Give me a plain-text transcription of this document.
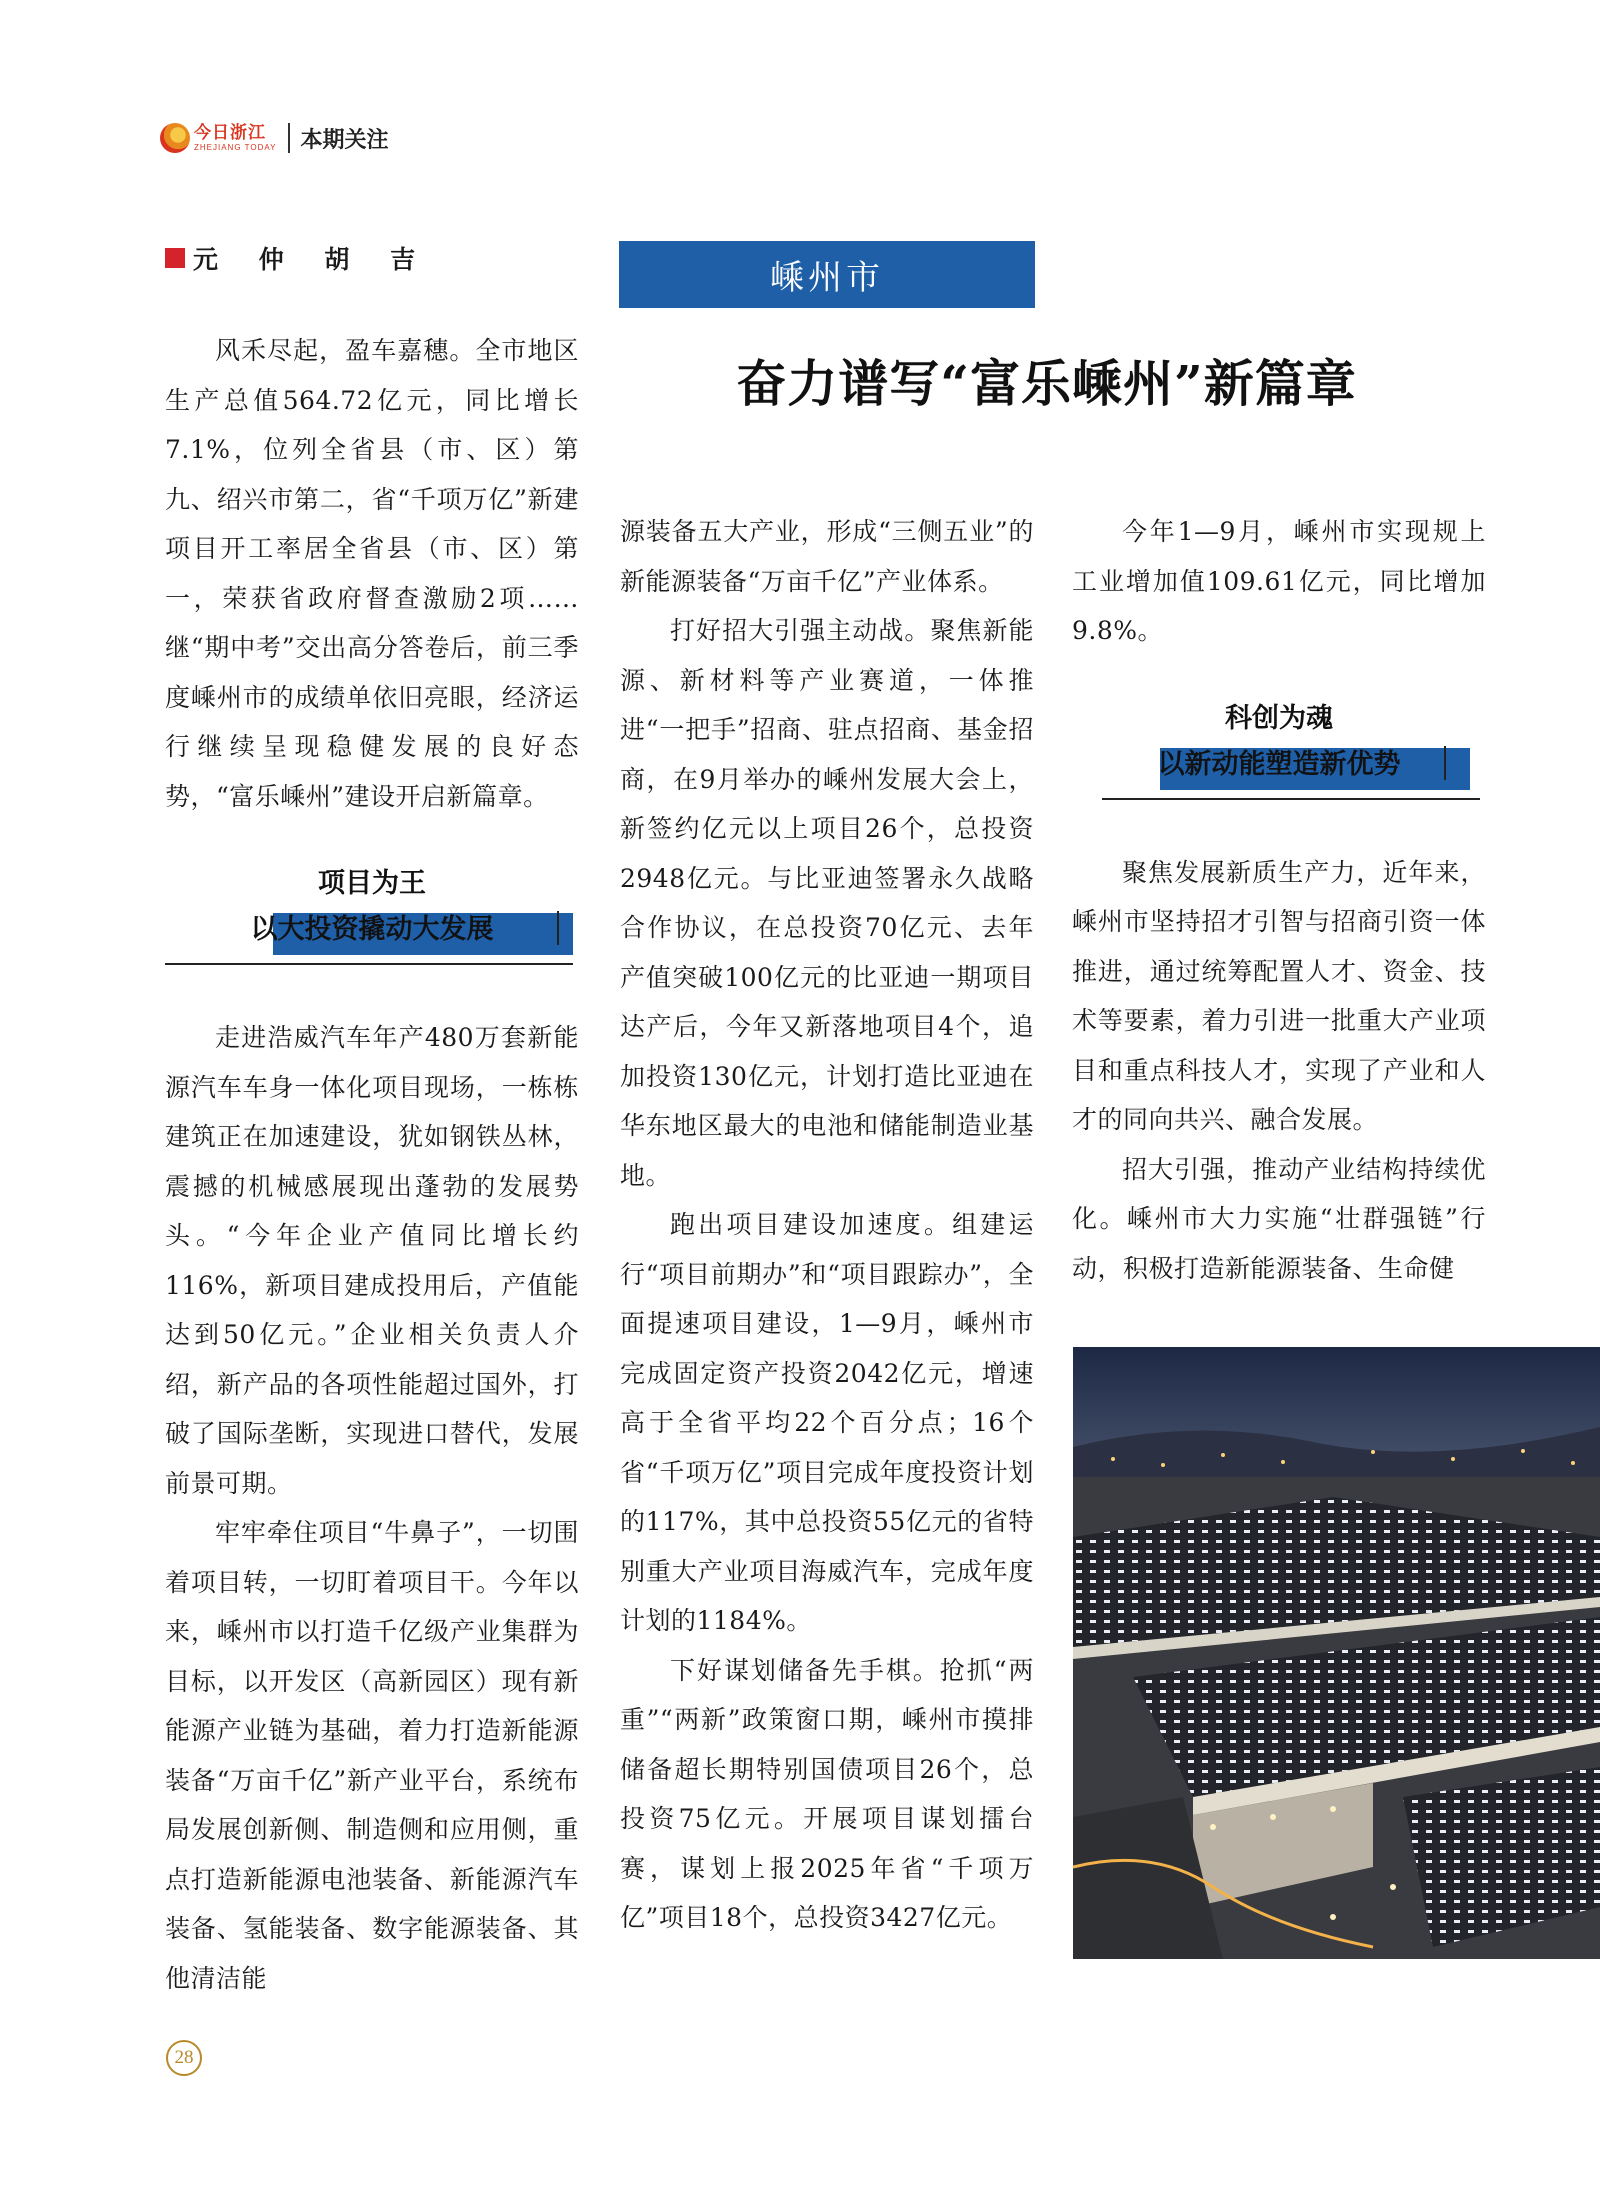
今日浙江
ZHEJIANG TODAY 本期关注
元 仲 胡 吉	嵊州市
奋力谱写“富乐嵊州”新篇章

风禾尽起，盈车嘉穗。全市地区生产总值564.72亿元，同比增长7.1%，位列全省县（市、区）第九、绍兴市第二，省“千项万亿”新建项目开工率居全省县（市、区）第一，荣获省政府督查激励2项……继“期中考”交出高分答卷后，前三季度嵊州市的成绩单依旧亮眼，经济运行继续呈现稳健发展的良好态势，“富乐嵊州”建设开启新篇章。

项目为王
以大投资撬动大发展

走进浩威汽车年产480万套新能源汽车车身一体化项目现场，一栋栋建筑正在加速建设，犹如钢铁丛林，震撼的机械感展现出蓬勃的发展势头。“今年企业产值同比增长约116%，新项目建成投用后，产值能达到50亿元。”企业相关负责人介绍，新产品的各项性能超过国外，打破了国际垄断，实现进口替代，发展前景可期。

牢牢牵住项目“牛鼻子”，一切围着项目转，一切盯着项目干。今年以来，嵊州市以打造千亿级产业集群为目标，以开发区（高新园区）现有新能源产业链为基础，着力打造新能源装备“万亩千亿”新产业平台，系统布局发展创新侧、制造侧和应用侧，重点打造新能源电池装备、新能源汽车装备、氢能装备、数字能源装备、其他清洁能

源装备五大产业，形成“三侧五业”的新能源装备“万亩千亿”产业体系。

打好招大引强主动战。聚焦新能源、新材料等产业赛道，一体推进“一把手”招商、驻点招商、基金招商，在9月举办的嵊州发展大会上，新签约亿元以上项目26个，总投资2948亿元。与比亚迪签署永久战略合作协议，在总投资70亿元、去年产值突破100亿元的比亚迪一期项目达产后，今年又新落地项目4个，追加投资130亿元，计划打造比亚迪在华东地区最大的电池和储能制造业基地。

跑出项目建设加速度。组建运行“项目前期办”和“项目跟踪办”，全面提速项目建设，1—9月，嵊州市完成固定资产投资2042亿元，增速高于全省平均22个百分点；16个省“千项万亿”项目完成年度投资计划的117%，其中总投资55亿元的省特别重大产业项目海威汽车，完成年度计划的1184%。

下好谋划储备先手棋。抢抓“两重”“两新”政策窗口期，嵊州市摸排储备超长期特别国债项目26个，总投资75亿元。开展项目谋划擂台赛，谋划上报2025年省“千项万亿”项目18个，总投资3427亿元。

今年1—9月，嵊州市实现规上工业增加值109.61亿元，同比增加9.8%。

科创为魂
以新动能塑造新优势

聚焦发展新质生产力，近年来，嵊州市坚持招才引智与招商引资一体推进，通过统筹配置人才、资金、技术等要素，着力引进一批重大产业项目和重点科技人才，实现了产业和人才的同向共兴、融合发展。

招大引强，推动产业结构持续优化。嵊州市大力实施“壮群强链”行动，积极打造新能源装备、生命健

28
